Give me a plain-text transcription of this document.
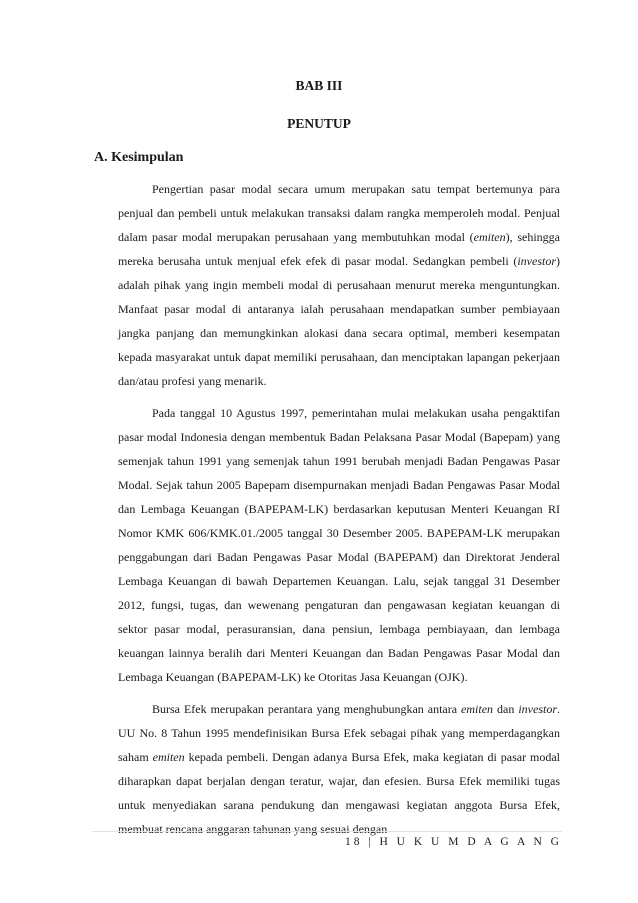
BAB III
PENUTUP
A. Kesimpulan

Pengertian pasar modal secara umum merupakan satu tempat bertemunya para penjual dan pembeli untuk melakukan transaksi dalam rangka memperoleh modal. Penjual dalam pasar modal merupakan perusahaan yang membutuhkan modal (emiten), sehingga mereka berusaha untuk menjual efek efek di pasar modal. Sedangkan pembeli (investor) adalah pihak yang ingin membeli modal di perusahaan menurut mereka menguntungkan. Manfaat pasar modal di antaranya ialah perusahaan mendapatkan sumber pembiayaan jangka panjang dan memungkinkan alokasi dana secara optimal, memberi kesempatan kepada masyarakat untuk dapat memiliki perusahaan, dan menciptakan lapangan pekerjaan dan/atau profesi yang menarik.

Pada tanggal 10 Agustus 1997, pemerintahan mulai melakukan usaha pengaktifan pasar modal Indonesia dengan membentuk Badan Pelaksana Pasar Modal (Bapepam) yang semenjak tahun 1991 yang semenjak tahun 1991 berubah menjadi Badan Pengawas Pasar Modal. Sejak tahun 2005 Bapepam disempurnakan menjadi Badan Pengawas Pasar Modal dan Lembaga Keuangan (BAPEPAM-LK) berdasarkan keputusan Menteri Keuangan RI Nomor KMK 606/KMK.01./2005 tanggal 30 Desember 2005. BAPEPAM-LK merupakan penggabungan dari Badan Pengawas Pasar Modal (BAPEPAM) dan Direktorat Jenderal Lembaga Keuangan di bawah Departemen Keuangan. Lalu, sejak tanggal 31 Desember 2012, fungsi, tugas, dan wewenang pengaturan dan pengawasan kegiatan keuangan di sektor pasar modal, perasuransian, dana pensiun, lembaga pembiayaan, dan lembaga keuangan lainnya beralih dari Menteri Keuangan dan Badan Pengawas Pasar Modal dan Lembaga Keuangan (BAPEPAM-LK) ke Otoritas Jasa Keuangan (OJK).

Bursa Efek merupakan perantara yang menghubungkan antara emiten dan investor. UU No. 8 Tahun 1995 mendefinisikan Bursa Efek sebagai pihak yang memperdagangkan saham emiten kepada pembeli. Dengan adanya Bursa Efek, maka kegiatan di pasar modal diharapkan dapat berjalan dengan teratur, wajar, dan efesien. Bursa Efek memiliki tugas untuk menyediakan sarana pendukung dan mengawasi kegiatan anggota Bursa Efek, membuat rencana anggaran tahunan yang sesuai dengan

18 | H U K U M D A G A N G
